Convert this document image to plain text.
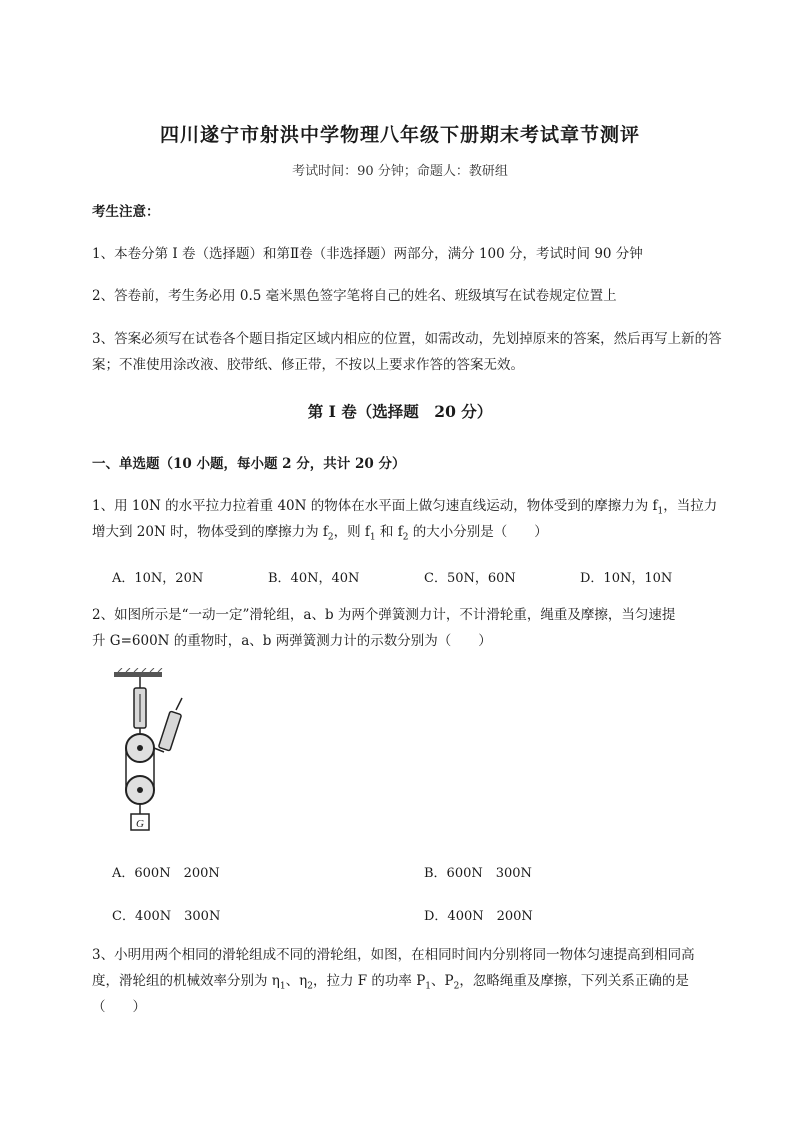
四川遂宁市射洪中学物理八年级下册期末考试章节测评
考试时间：90 分钟；命题人：教研组
考生注意：
1、本卷分第 I 卷（选择题）和第Ⅱ卷（非选择题）两部分，满分 100 分，考试时间 90 分钟
2、答卷前，考生务必用 0.5 毫米黑色签字笔将自己的姓名、班级填写在试卷规定位置上
3、答案必须写在试卷各个题目指定区域内相应的位置，如需改动，先划掉原来的答案，然后再写上新的答案；不准使用涂改液、胶带纸、修正带，不按以上要求作答的答案无效。
第 I 卷（选择题　20 分）
一、单选题（10 小题，每小题 2 分，共计 20 分）
1、用 10N 的水平拉力拉着重 40N 的物体在水平面上做匀速直线运动，物体受到的摩擦力为 $f_1$，当拉力
增大到 20N 时，物体受到的摩擦力为 $f_2$，则 $f_1$ 和 $f_2$ 的大小分别是（　　）
A．10N，20N	B．40N，40N	C．50N，60N	D．10N，10N
2、如图所示是“一动一定”滑轮组，a、b 为两个弹簧测力计，不计滑轮重，绳重及摩擦，当匀速提
升 G=600N 的重物时，a、b 两弹簧测力计的示数分别为（　　）
G
A．600N　200N	B．600N　300N
C．400N　300N	D．400N　200N
3、小明用两个相同的滑轮组成不同的滑轮组，如图，在相同时间内分别将同一物体匀速提高到相同高
度，滑轮组的机械效率分别为 $\eta_1$、$\eta_2$，拉力 F 的功率 $P_1$、$P_2$，忽略绳重及摩擦，下列关系正确的是
（　　）
